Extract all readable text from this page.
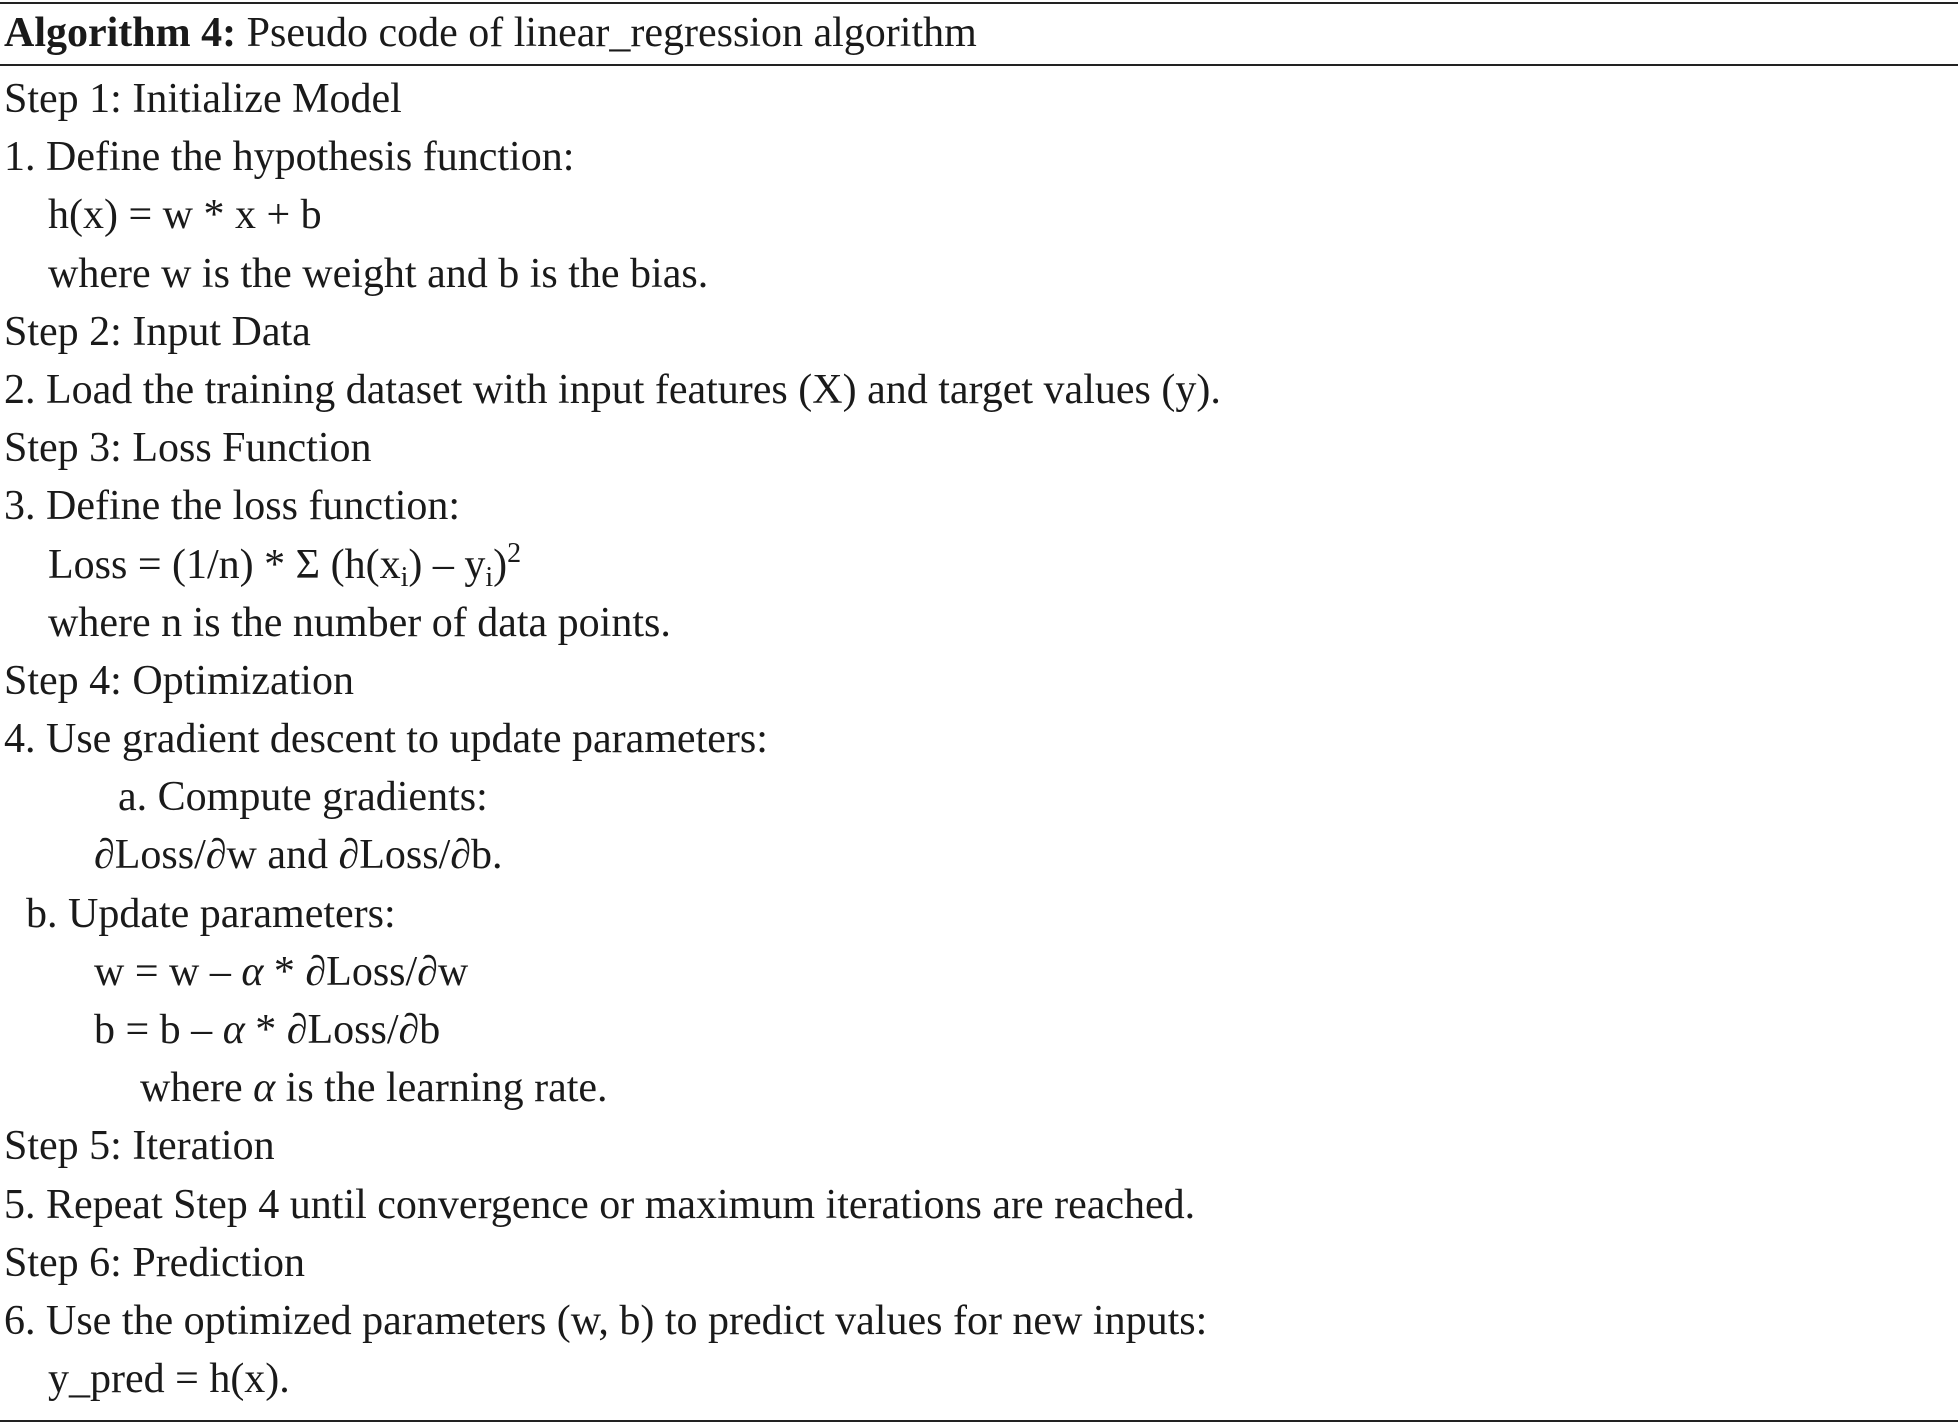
Algorithm 4: Pseudo code of linear_regression algorithm
Step 1: Initialize Model
1. Define the hypothesis function:
h(x) = w * x + b
where w is the weight and b is the bias.
Step 2: Input Data
2. Load the training dataset with input features (X) and target values (y).
Step 3: Loss Function
3. Define the loss function:
Loss = (1/n) * Σ $(h(x_i) - y_i)^2$
where n is the number of data points.
Step 4: Optimization
4. Use gradient descent to update parameters:
a. Compute gradients:
∂Loss/∂w and ∂Loss/∂b.
b. Update parameters:
w = w – α * ∂Loss/∂w
b = b – α * ∂Loss/∂b
where α is the learning rate.
Step 5: Iteration
5. Repeat Step 4 until convergence or maximum iterations are reached.
Step 6: Prediction
6. Use the optimized parameters (w, b) to predict values for new inputs:
y_pred = h(x).
